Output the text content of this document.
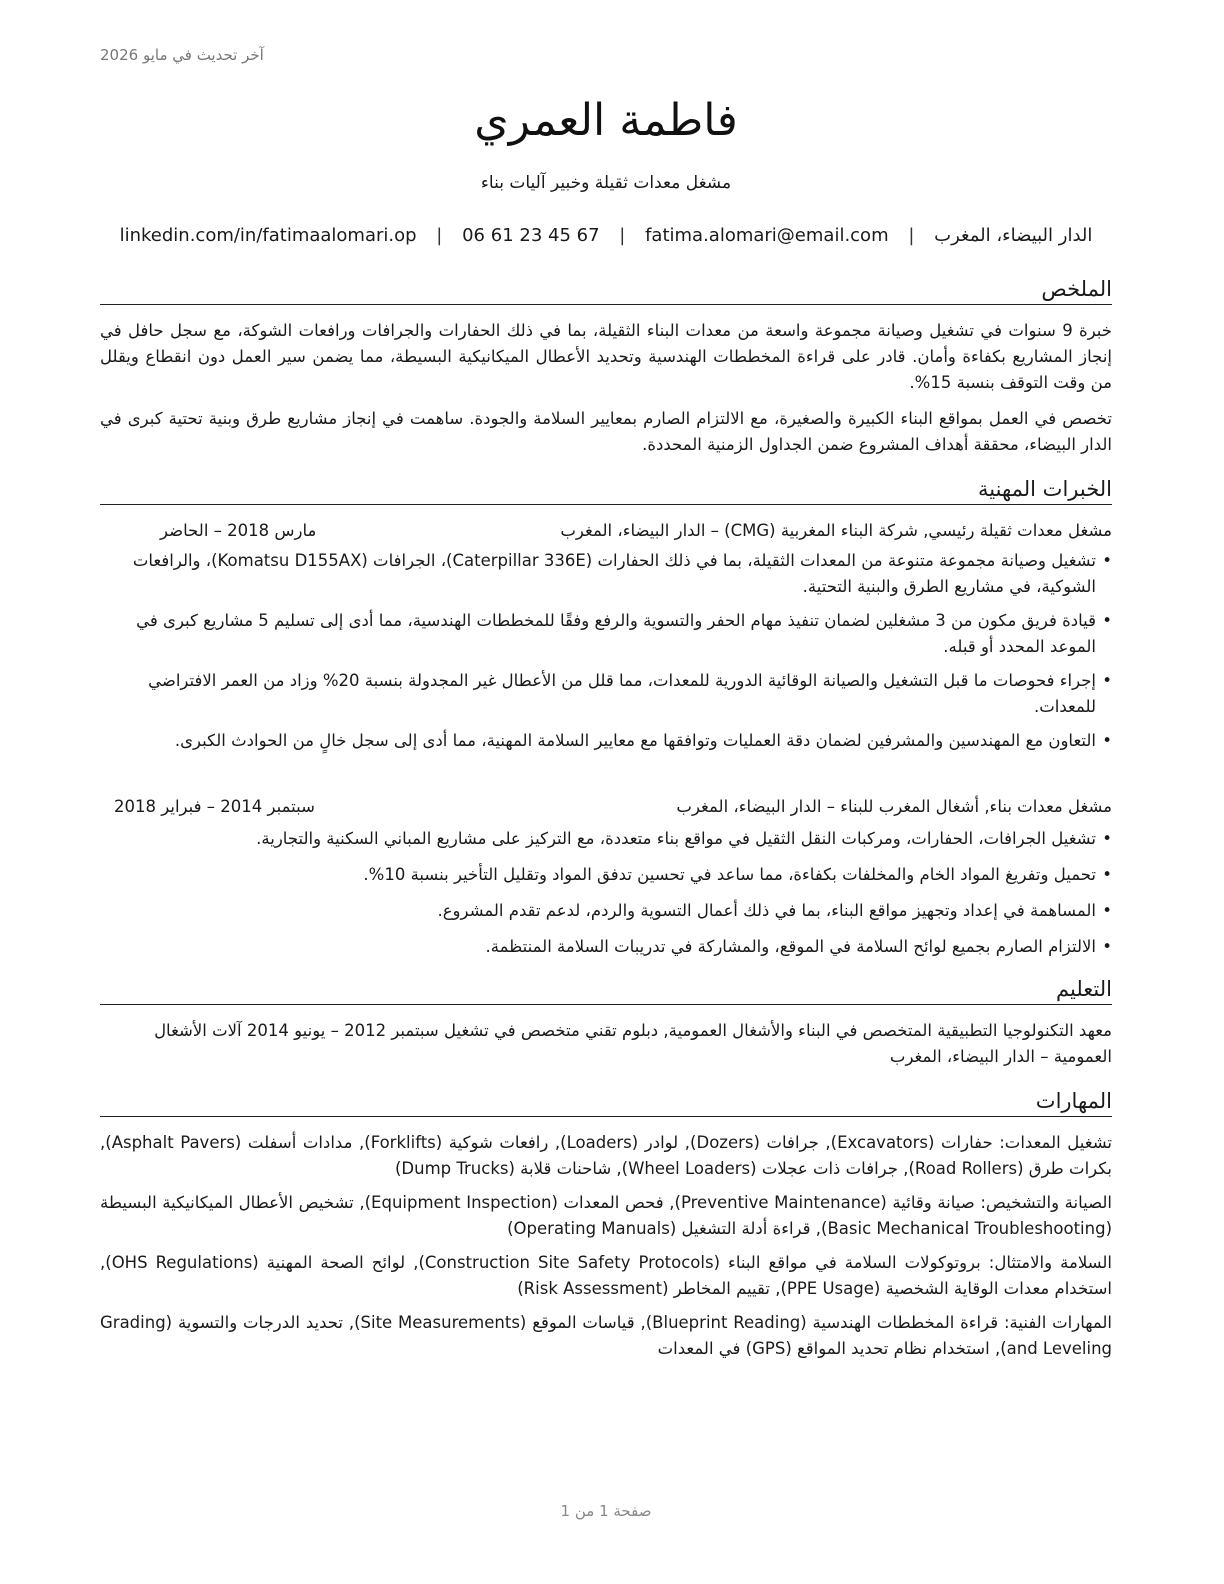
آخر تحديث في مايو 2026
فاطمة العمري
مشغل معدات ثقيلة وخبير آليات بناء
الدار البيضاء، المغرب | fatima.alomari@email.com | 06 61 23 45 67 | linkedin.com/in/fatimaalomari.op
الملخص
خبرة 9 سنوات في تشغيل وصيانة مجموعة واسعة من معدات البناء الثقيلة، بما في ذلك الحفارات والجرافات ورافعات الشوكة، مع سجل حافل في إنجاز المشاريع بكفاءة وأمان. قادر على قراءة المخططات الهندسية وتحديد الأعطال الميكانيكية البسيطة، مما يضمن سير العمل دون انقطاع ويقلل من وقت التوقف بنسبة 15%.
تخصص في العمل بمواقع البناء الكبيرة والصغيرة، مع الالتزام الصارم بمعايير السلامة والجودة. ساهمت في إنجاز مشاريع طرق وبنية تحتية كبرى في الدار البيضاء، محققة أهداف المشروع ضمن الجداول الزمنية المحددة.
الخبرات المهنية
مشغل معدات ثقيلة رئيسي, شركة البناء المغربية (CMG) – الدار البيضاء، المغرب
مارس 2018 – الحاضر
• تشغيل وصيانة مجموعة متنوعة من المعدات الثقيلة، بما في ذلك الحفارات (Caterpillar 336E)، الجرافات (Komatsu D155AX)، والرافعات الشوكية، في مشاريع الطرق والبنية التحتية.
• قيادة فريق مكون من 3 مشغلين لضمان تنفيذ مهام الحفر والتسوية والرفع وفقًا للمخططات الهندسية، مما أدى إلى تسليم 5 مشاريع كبرى في الموعد المحدد أو قبله.
• إجراء فحوصات ما قبل التشغيل والصيانة الوقائية الدورية للمعدات، مما قلل من الأعطال غير المجدولة بنسبة 20% وزاد من العمر الافتراضي للمعدات.
• التعاون مع المهندسين والمشرفين لضمان دقة العمليات وتوافقها مع معايير السلامة المهنية، مما أدى إلى سجل خالٍ من الحوادث الكبرى.
مشغل معدات بناء, أشغال المغرب للبناء – الدار البيضاء، المغرب
سبتمبر 2014 – فبراير 2018
• تشغيل الجرافات، الحفارات، ومركبات النقل الثقيل في مواقع بناء متعددة، مع التركيز على مشاريع المباني السكنية والتجارية.
• تحميل وتفريغ المواد الخام والمخلفات بكفاءة، مما ساعد في تحسين تدفق المواد وتقليل التأخير بنسبة 10%.
• المساهمة في إعداد وتجهيز مواقع البناء، بما في ذلك أعمال التسوية والردم، لدعم تقدم المشروع.
• الالتزام الصارم بجميع لوائح السلامة في الموقع، والمشاركة في تدريبات السلامة المنتظمة.
التعليم
معهد التكنولوجيا التطبيقية المتخصص في البناء والأشغال العمومية, دبلوم تقني متخصص في تشغيل سبتمبر 2012 – يونيو 2014 آلات الأشغال العمومية – الدار البيضاء، المغرب
المهارات
تشغيل المعدات: حفارات (Excavators), جرافات (Dozers), لوادر (Loaders), رافعات شوكية (Forklifts), مدادات أسفلت (Asphalt Pavers), بكرات طرق (Road Rollers), جرافات ذات عجلات (Wheel Loaders), شاحنات قلابة (Dump Trucks)
الصيانة والتشخيص: صيانة وقائية (Preventive Maintenance), فحص المعدات (Equipment Inspection), تشخيص الأعطال الميكانيكية البسيطة (Basic Mechanical Troubleshooting), قراءة أدلة التشغيل (Operating Manuals)
السلامة والامتثال: بروتوكولات السلامة في مواقع البناء (Construction Site Safety Protocols), لوائح الصحة المهنية (OHS Regulations), استخدام معدات الوقاية الشخصية (PPE Usage), تقييم المخاطر (Risk Assessment)
المهارات الفنية: قراءة المخططات الهندسية (Blueprint Reading), قياسات الموقع (Site Measurements), تحديد الدرجات والتسوية (Grading and Leveling), استخدام نظام تحديد المواقع (GPS) في المعدات
صفحة 1 من 1
